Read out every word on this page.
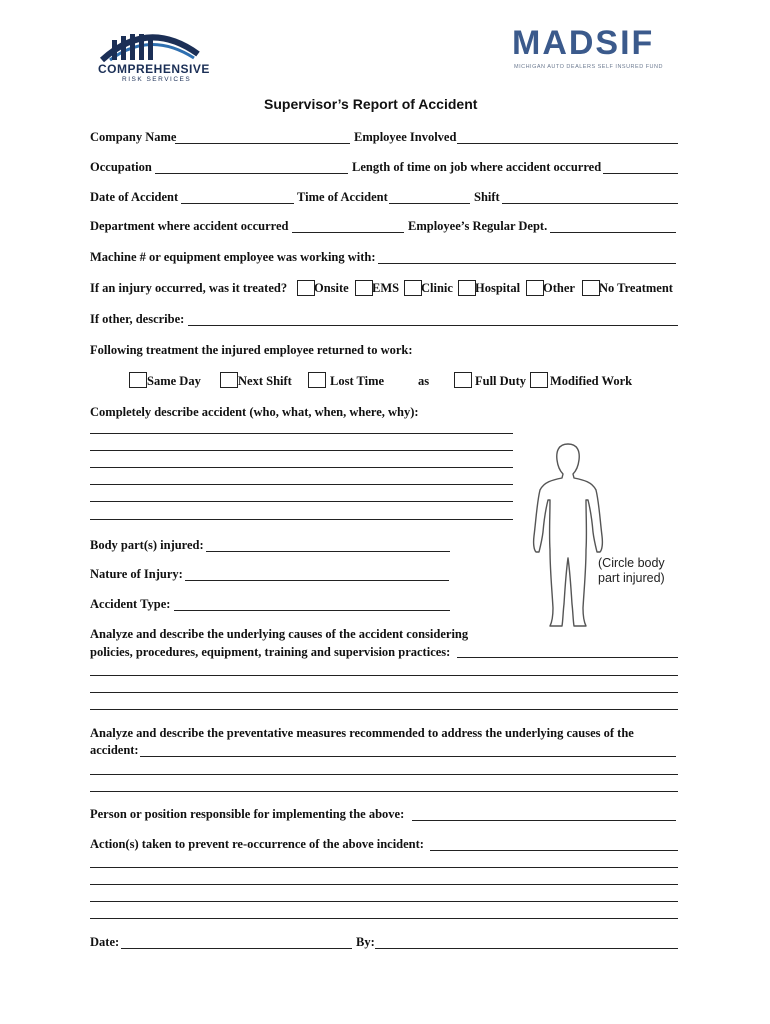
COMPREHENSIVE
RISK SERVICES
MADSIF
MICHIGAN AUTO DEALERS SELF INSURED FUND
Supervisor’s Report of Accident
Company Name	Employee Involved
Occupation	Length of time on job where accident occurred
Date of Accident	Time of Accident	Shift
Department where accident occurred	Employee’s Regular Dept.
Machine # or equipment employee was working with:
If an injury occurred, was it treated? Onsite EMS Clinic Hospital Other No Treatment
If other, describe:
Following treatment the injured employee returned to work:
Same Day	Next Shift	Lost Time	as	Full Duty Modified Work
Completely describe accident (who, what, when, where, why):
(Circle body
part injured)
Body part(s) injured:
Nature of Injury:
Accident Type:
Analyze and describe the underlying causes of the accident considering
policies, procedures, equipment, training and supervision practices:
Analyze and describe the preventative measures recommended to address the underlying causes of the
accident:
Person or position responsible for implementing the above:
Action(s) taken to prevent re-occurrence of the above incident:
Date:	By:
